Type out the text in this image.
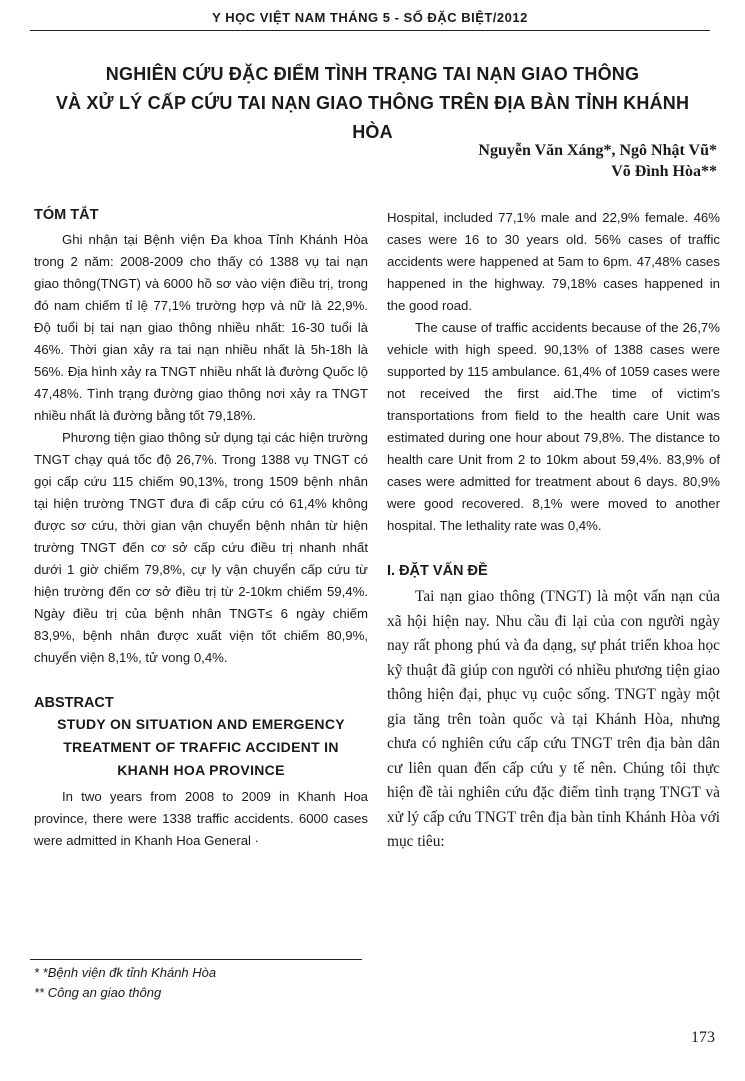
Y HỌC VIỆT NAM THÁNG 5 - SỐ ĐẶC BIỆT/2012
NGHIÊN CỨU ĐẶC ĐIỂM TÌNH TRẠNG TAI NẠN GIAO THÔNG
VÀ XỬ LÝ CẤP CỨU TAI NẠN GIAO THÔNG TRÊN ĐỊA BÀN TỈNH KHÁNH HÒA
Nguyễn Văn Xáng*, Ngô Nhật Vũ*
Võ Đình Hòa**
TÓM TẮT

Ghi nhận tại Bệnh viện Đa khoa Tỉnh Khánh Hòa trong 2 năm: 2008-2009 cho thấy có 1388 vụ tai nạn giao thông(TNGT) và 6000 hồ sơ vào viện điều trị, trong đó nam chiếm tỉ lệ 77,1% trường hợp và nữ là 22,9%. Độ tuổi bị tai nạn giao thông nhiều nhất: 16-30 tuổi là 46%. Thời gian xảy ra tai nạn nhiều nhất là 5h-18h là 56%. Địa hình xảy ra TNGT nhiều nhất là đường Quốc lộ 47,48%. Tình trạng đường giao thông nơi xảy ra TNGT nhiều nhất là đường bằng tốt 79,18%.

Phương tiện giao thông sử dụng tại các hiện trường TNGT chạy quá tốc độ 26,7%. Trong 1388 vụ TNGT có gọi cấp cứu 115 chiếm 90,13%, trong 1509 bệnh nhân tại hiện trường TNGT đưa đi cấp cứu có 61,4% không được sơ cứu, thời gian vận chuyển bệnh nhân từ hiện trường TNGT đến cơ sở cấp cứu điều trị nhanh nhất dưới 1 giờ chiếm 79,8%, cự ly vận chuyển cấp cứu từ hiện trường đến cơ sở điều trị từ 2-10km chiếm 59,4%. Ngày điều trị của bệnh nhân TNGT≤ 6 ngày chiếm 83,9%, bệnh nhân được xuất viện tốt chiếm 80,9%, chuyển viện 8,1%, tử vong 0,4%.

ABSTRACT
STUDY ON SITUATION AND EMERGENCY
TREATMENT OF TRAFFIC ACCIDENT IN
KHANH HOA PROVINCE

In two years from 2008 to 2009 in Khanh Hoa province, there were 1338 traffic accidents. 6000 cases were admitted in Khanh Hoa General ·

Hospital, included 77,1% male and 22,9% female. 46% cases were 16 to 30 years old. 56% cases of traffic accidents were happened at 5am to 6pm. 47,48% cases happened in the highway. 79,18% cases happened in the good road.

The cause of traffic accidents because of the 26,7% vehicle with high speed. 90,13% of 1388 cases were supported by 115 ambulance. 61,4% of 1059 cases were not received the first aid.The time of victim's transportations from field to the health care Unit was estimated during one hour about 79,8%. The distance to health care Unit from 2 to 10km about 59,4%. 83,9% of cases were admitted for treatment about 6 days. 80,9% were good recovered. 8,1% were moved to another hospital. The lethality rate was 0,4%.

I. ĐẶT VẤN ĐỀ

Tai nạn giao thông (TNGT) là một vấn nạn của xã hội hiện nay. Nhu cầu đi lại của con người ngày nay rất phong phú và đa dạng, sự phát triển khoa học kỹ thuật đã giúp con người có nhiều phương tiện giao thông hiện đại, phục vụ cuộc sống. TNGT ngày một gia tăng trên toàn quốc và tại Khánh Hòa, nhưng chưa có nghiên cứu cấp cứu TNGT trên địa bàn dân cư liên quan đến cấp cứu y tế nên. Chúng tôi thực hiện đề tài nghiên cứu đặc điểm tình trạng TNGT và xử lý cấp cứu TNGT trên địa bàn tỉnh Khánh Hòa với mục tiêu:

* *Bệnh viện đk tỉnh Khánh Hòa
** Công an giao thông
173
